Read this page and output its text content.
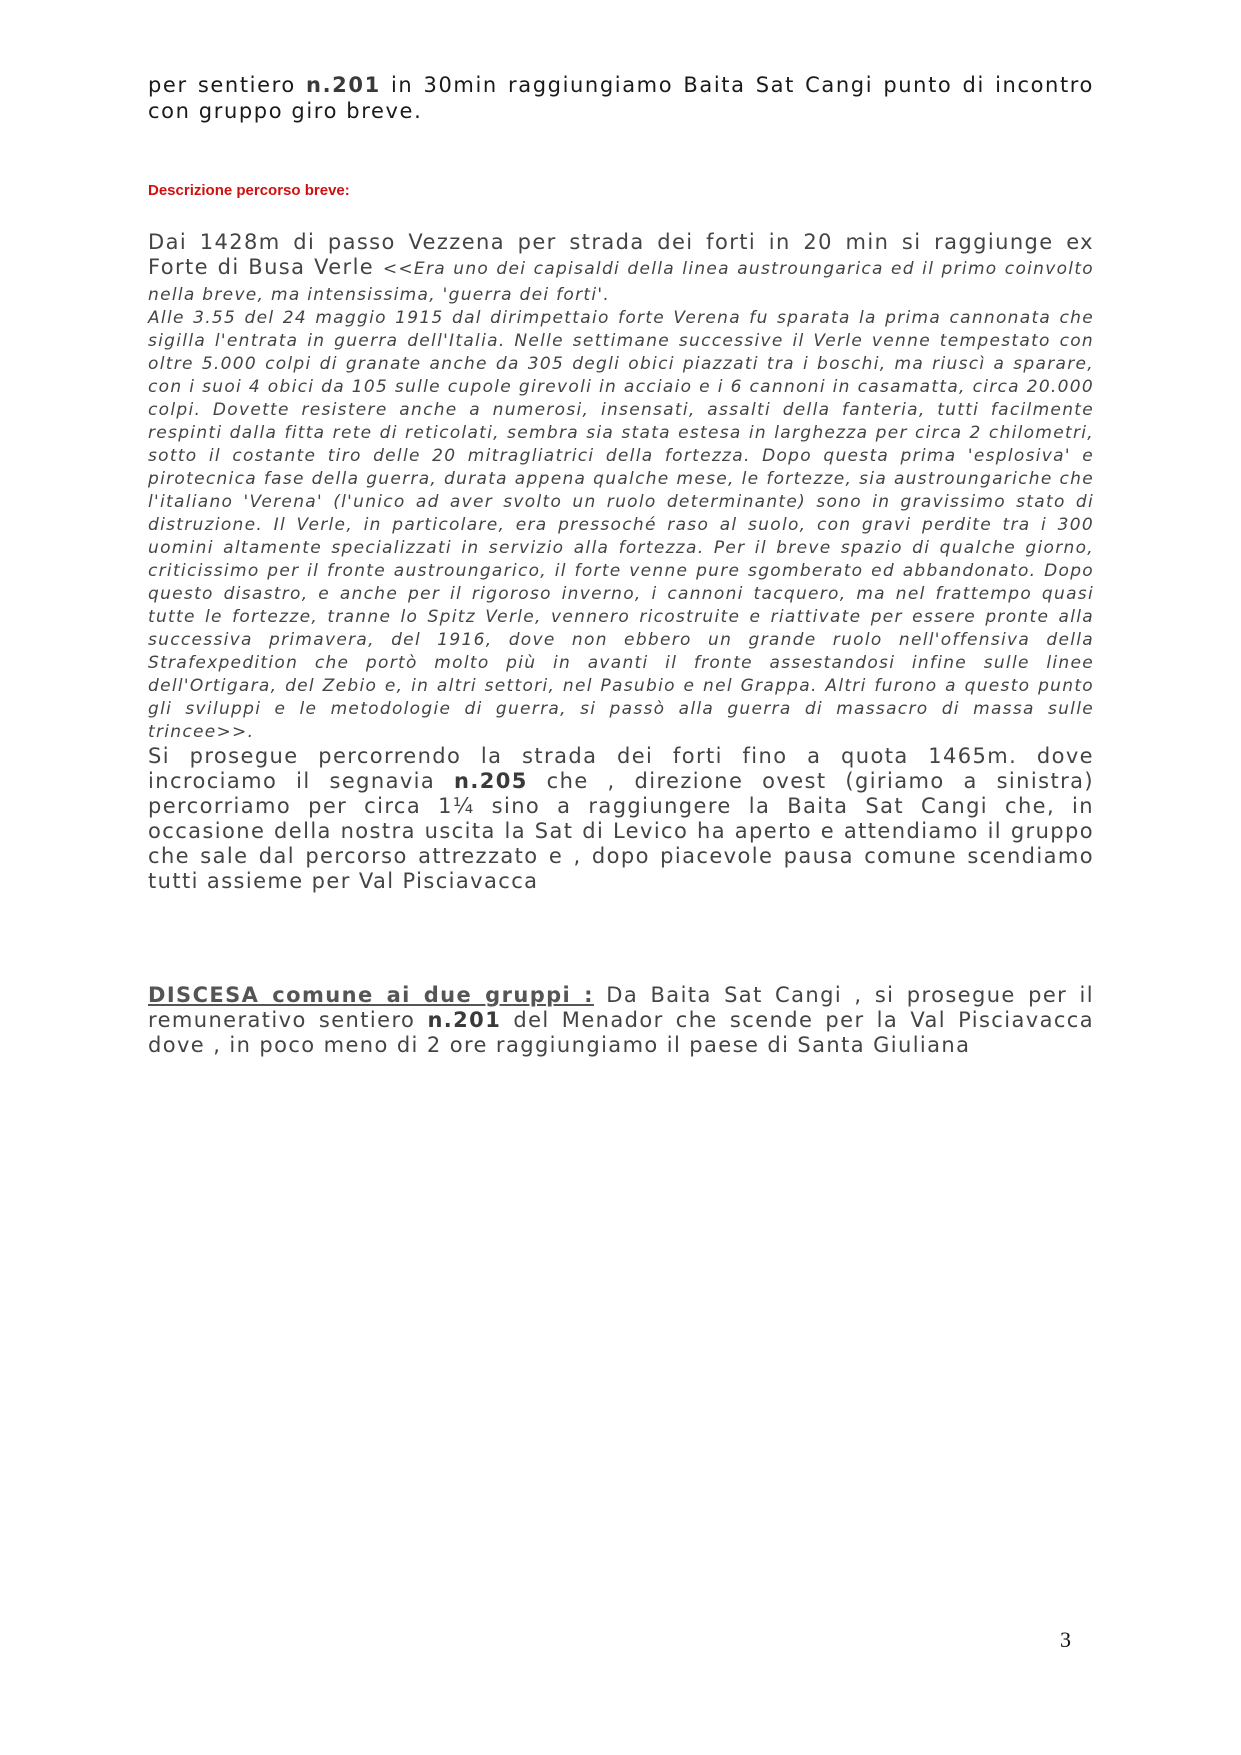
per sentiero n.201 in 30min raggiungiamo Baita Sat Cangi punto di incontro con gruppo giro breve.

Descrizione percorso breve:

Dai 1428m di passo Vezzena per strada dei forti in 20 min si raggiunge ex Forte di Busa Verle <<Era uno dei capisaldi della linea austroungarica ed il primo coinvolto nella breve, ma intensissima, 'guerra dei forti'.

Alle 3.55 del 24 maggio 1915 dal dirimpettaio forte Verena fu sparata la prima cannonata che sigilla l'entrata in guerra dell'Italia. Nelle settimane successive il Verle venne tempestato con oltre 5.000 colpi di granate anche da 305 degli obici piazzati tra i boschi, ma riuscì a sparare, con i suoi 4 obici da 105 sulle cupole girevoli in acciaio e i 6 cannoni in casamatta, circa 20.000 colpi. Dovette resistere anche a numerosi, insensati, assalti della fanteria, tutti facilmente respinti dalla fitta rete di reticolati, sembra sia stata estesa in larghezza per circa 2 chilometri, sotto il costante tiro delle 20 mitragliatrici della fortezza. Dopo questa prima 'esplosiva' e pirotecnica fase della guerra, durata appena qualche mese, le fortezze, sia austroungariche che l'italiano 'Verena' (l'unico ad aver svolto un ruolo determinante) sono in gravissimo stato di distruzione. Il Verle, in particolare, era pressoché raso al suolo, con gravi perdite tra i 300 uomini altamente specializzati in servizio alla fortezza. Per il breve spazio di qualche giorno, criticissimo per il fronte austroungarico, il forte venne pure sgomberato ed abbandonato. Dopo questo disastro, e anche per il rigoroso inverno, i cannoni tacquero, ma nel frattempo quasi tutte le fortezze, tranne lo Spitz Verle, vennero ricostruite e riattivate per essere pronte alla successiva primavera, del 1916, dove non ebbero un grande ruolo nell'offensiva della Strafexpedition che portò molto più in avanti il fronte assestandosi infine sulle linee dell'Ortigara, del Zebio e, in altri settori, nel Pasubio e nel Grappa. Altri furono a questo punto gli sviluppi e le metodologie di guerra, si passò alla guerra di massacro di massa sulle trincee>>.

Si prosegue percorrendo la strada dei forti fino a quota 1465m. dove incrociamo il segnavia n.205 che , direzione ovest (giriamo a sinistra) percorriamo per circa 1¼ sino a raggiungere la Baita Sat Cangi che, in occasione della nostra uscita la Sat di Levico ha aperto e attendiamo il gruppo che sale dal percorso attrezzato e , dopo piacevole pausa comune scendiamo tutti assieme per Val Pisciavacca

DISCESA comune ai due gruppi : Da Baita Sat Cangi , si prosegue per il remunerativo sentiero n.201 del Menador che scende per la Val Pisciavacca dove , in poco meno di 2 ore raggiungiamo il paese di Santa Giuliana

3
